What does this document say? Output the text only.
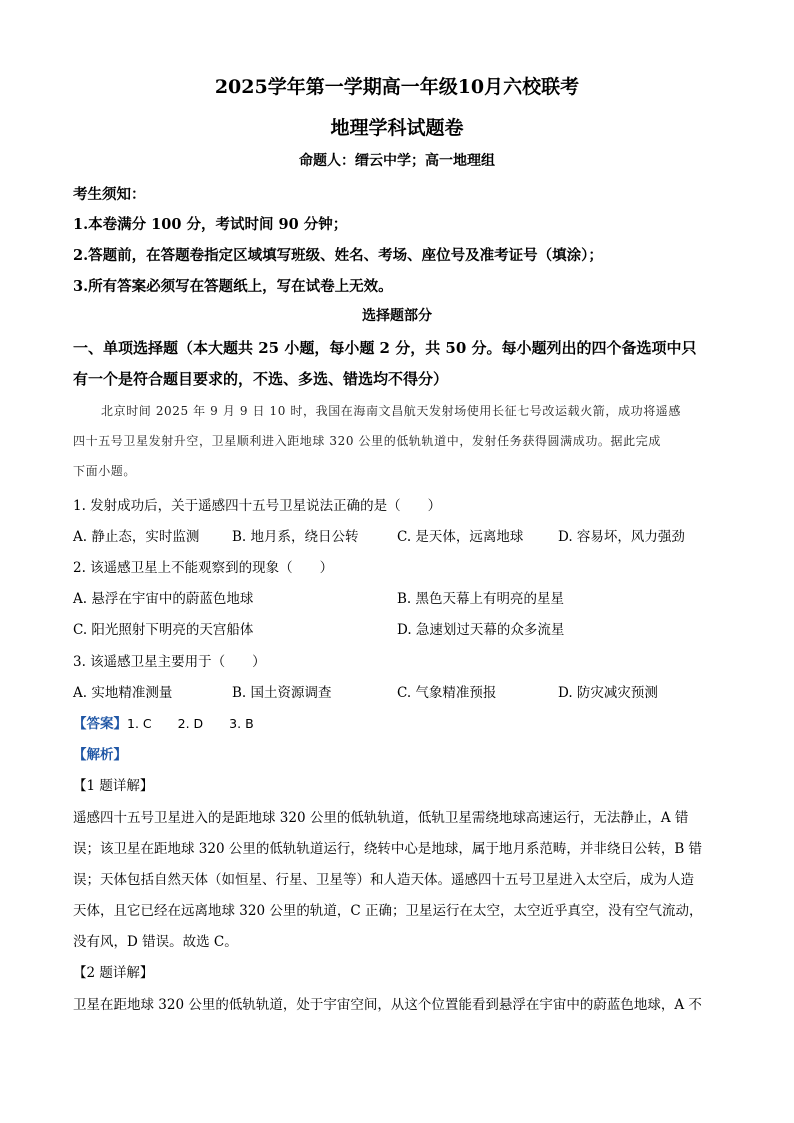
2025学年第一学期高一年级10月六校联考
地理学科试题卷
命题人：缙云中学；高一地理组
考生须知：
1.本卷满分 100 分，考试时间 90 分钟；
2.答题前，在答题卷指定区域填写班级、姓名、考场、座位号及准考证号（填涂）；
3.所有答案必须写在答题纸上，写在试卷上无效。
选择题部分
一、单项选择题（本大题共 25 小题，每小题 2 分，共 50 分。每小题列出的四个备选项中只
有一个是符合题目要求的，不选、多选、错选均不得分）
北京时间 2025 年 9 月 9 日 10 时，我国在海南文昌航天发射场使用长征七号改运载火箭，成功将遥感
四十五号卫星发射升空，卫星顺利进入距地球 320 公里的低轨轨道中，发射任务获得圆满成功。据此完成
下面小题。
1. 发射成功后，关于遥感四十五号卫星说法正确的是（　　）
A. 静止态，实时监测 B. 地月系，绕日公转	C. 是天体，远离地球	D. 容易坏，风力强劲
2. 该遥感卫星上不能观察到的现象（　　）
A. 悬浮在宇宙中的蔚蓝色地球	B. 黑色天幕上有明亮的星星
C. 阳光照射下明亮的天宫船体	D. 急速划过天幕的众多流星
3. 该遥感卫星主要用于（　　）
A. 实地精准测量	B. 国土资源调查	C. 气象精准预报	D. 防灾减灾预测
【答案】1. C 2. D 3. B
【解析】
【1 题详解】
遥感四十五号卫星进入的是距地球 320 公里的低轨轨道，低轨卫星需绕地球高速运行，无法静止，A 错
误；该卫星在距地球 320 公里的低轨轨道运行，绕转中心是地球，属于地月系范畴，并非绕日公转，B 错
误；天体包括自然天体（如恒星、行星、卫星等）和人造天体。遥感四十五号卫星进入太空后，成为人造
天体，且它已经在远离地球 320 公里的轨道，C 正确；卫星运行在太空，太空近乎真空，没有空气流动，
没有风，D 错误。故选 C。
【2 题详解】
卫星在距地球 320 公里的低轨轨道，处于宇宙空间，从这个位置能看到悬浮在宇宙中的蔚蓝色地球，A 不
